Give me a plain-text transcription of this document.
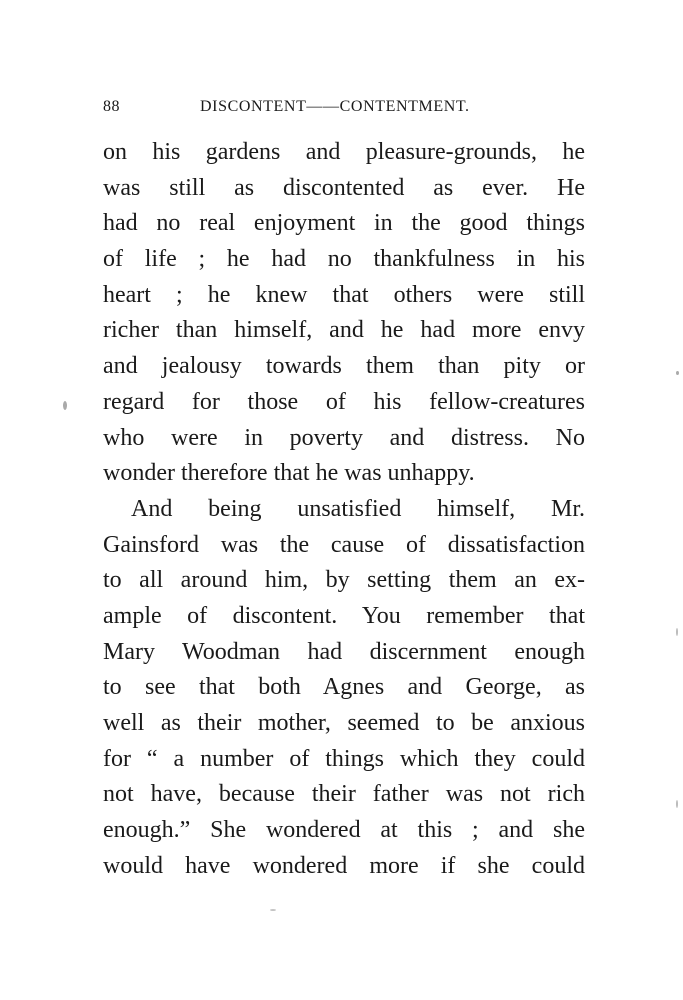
88	DISCONTENT——CONTENTMENT.
on his gardens and pleasure-grounds, he
was still as discontented as ever. He
had no real enjoyment in the good things
of life ; he had no thankfulness in his
heart ; he knew that others were still
richer than himself, and he had more envy
and jealousy towards them than pity or
regard for those of his fellow-creatures
who were in poverty and distress. No
wonder therefore that he was unhappy.
And being unsatisfied himself, Mr.
Gainsford was the cause of dissatisfaction
to all around him, by setting them an ex-
ample of discontent. You remember that
Mary Woodman had discernment enough
to see that both Agnes and George, as
well as their mother, seemed to be anxious
for “ a number of things which they could
not have, because their father was not rich
enough.” She wondered at this ; and she
would have wondered more if she could
